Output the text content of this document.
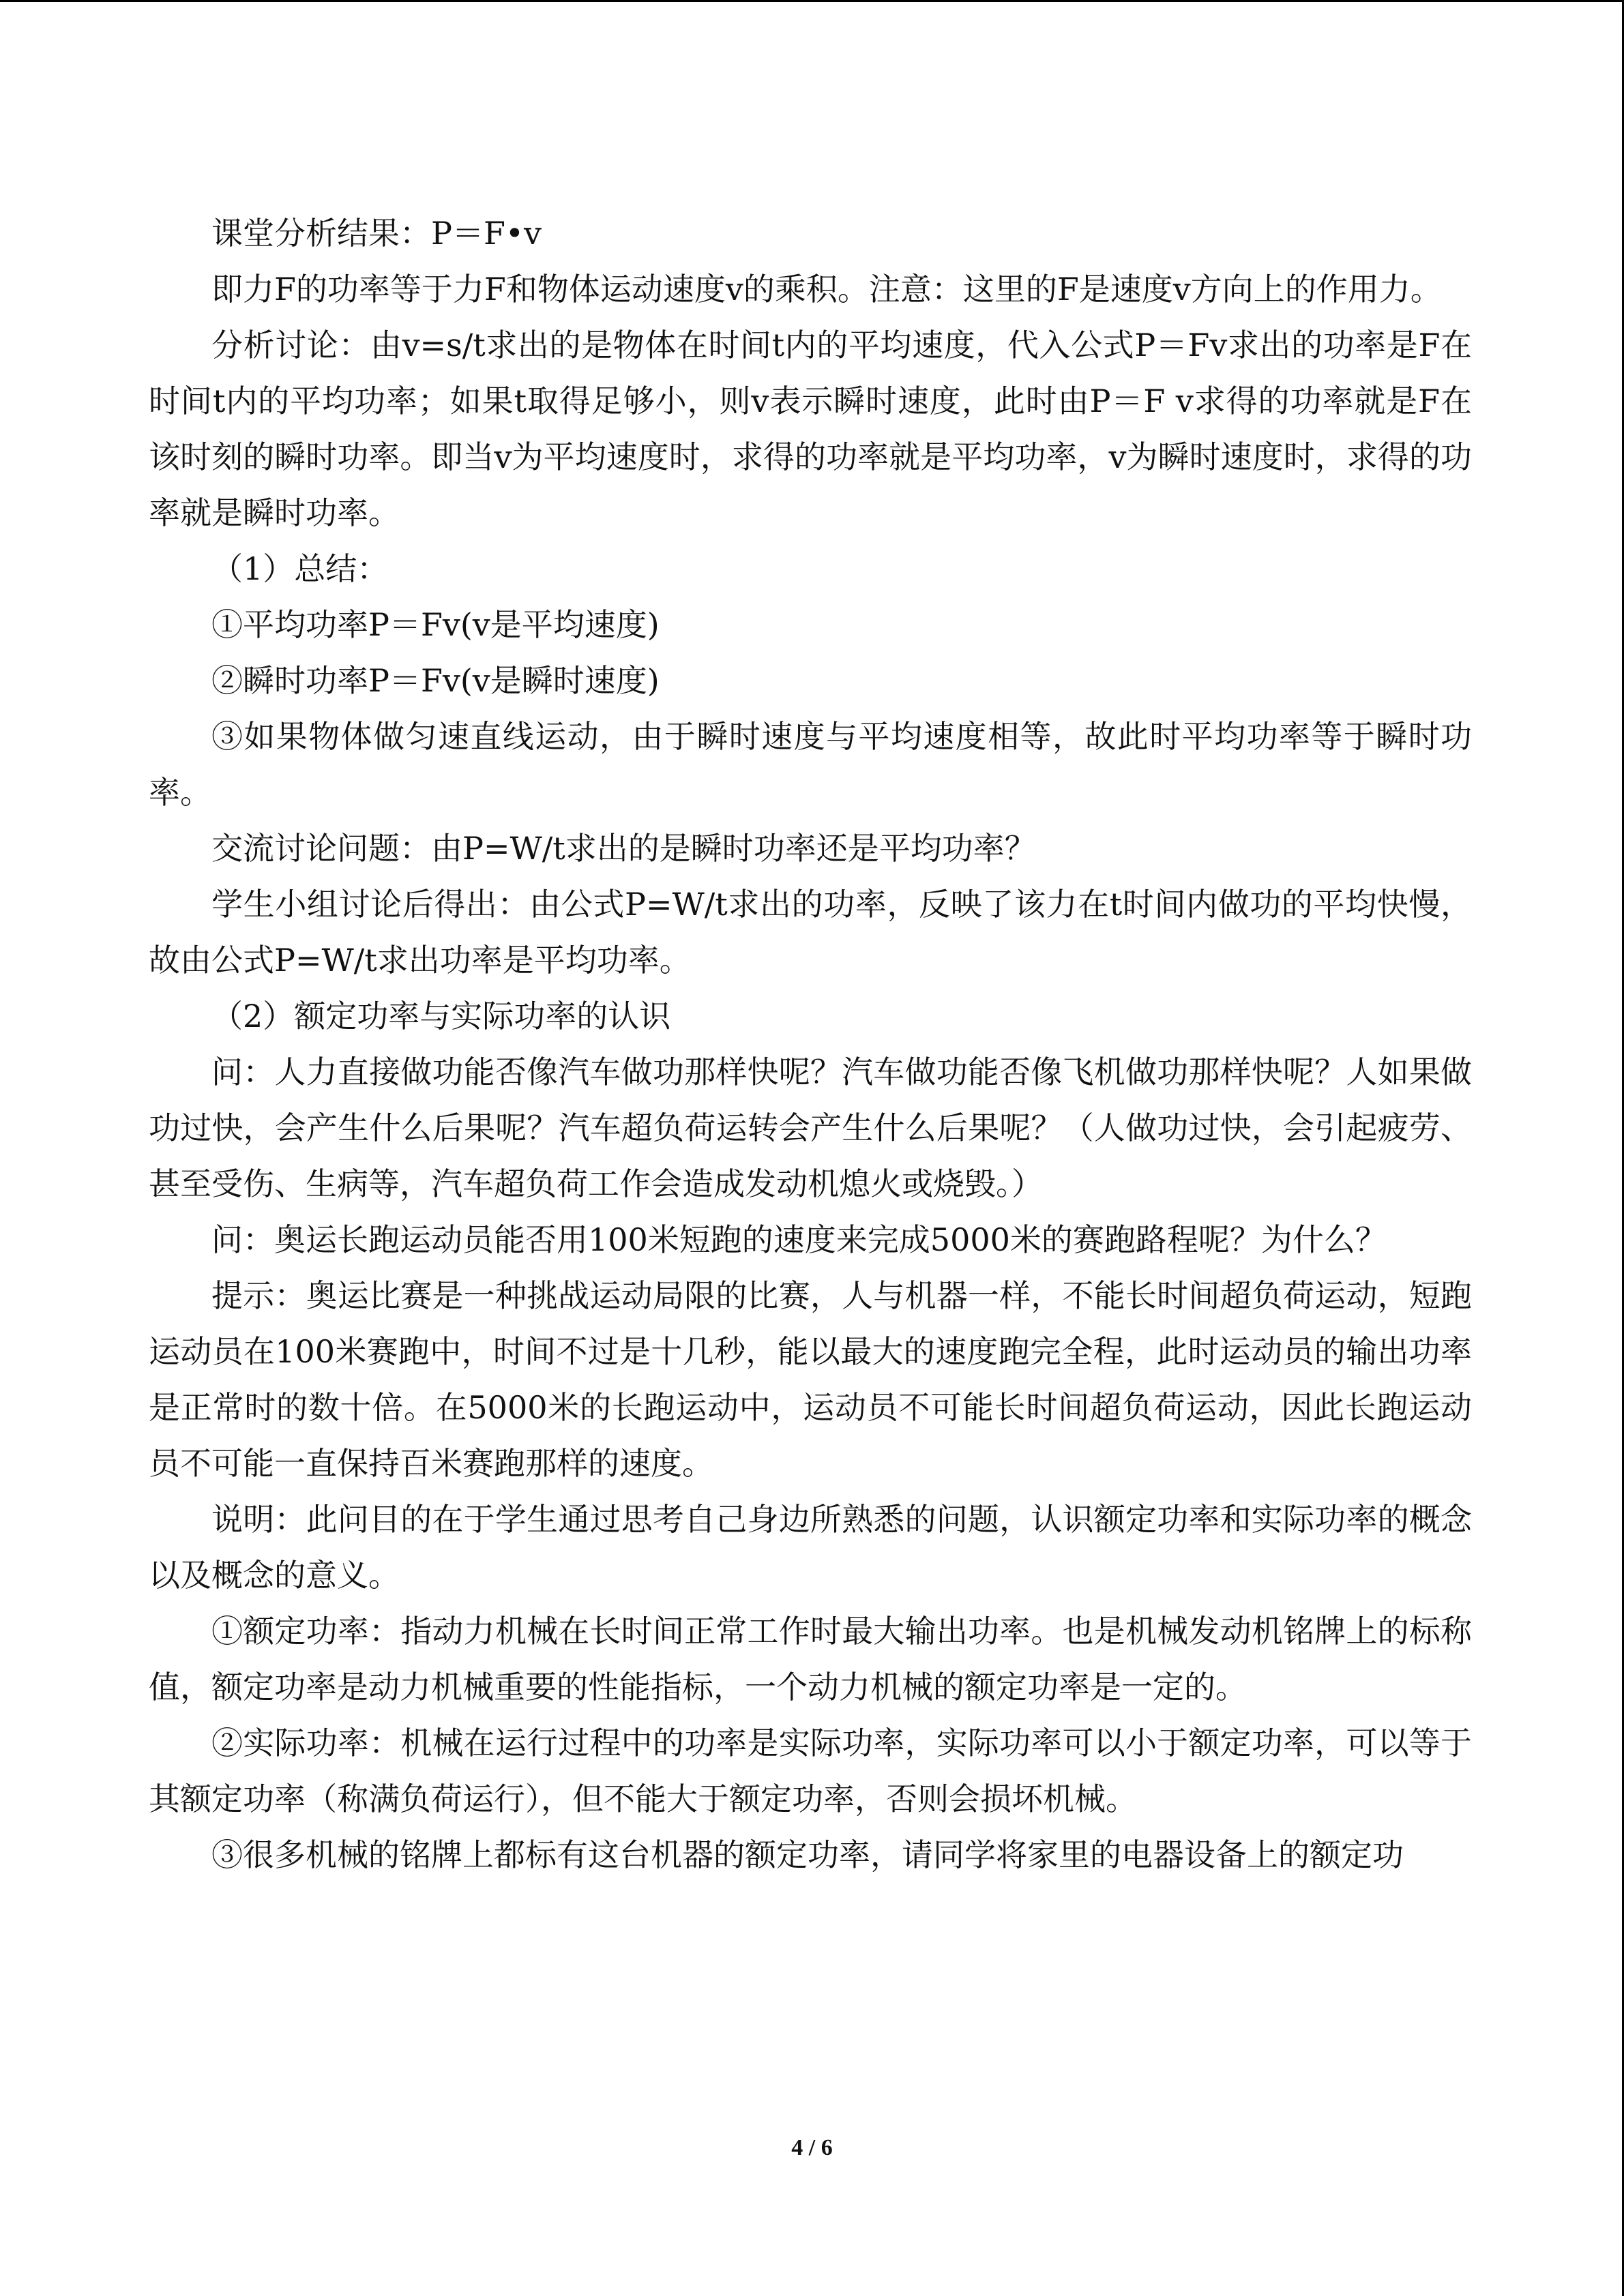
课堂分析结果：P＝F•v

即力F的功率等于力F和物体运动速度v的乘积。注意：这里的F是速度v方向上的作用力。

分析讨论：由v=s/t求出的是物体在时间t内的平均速度，代入公式P＝Fv求出的功率是F在时间t内的平均功率；如果t取得足够小，则v表示瞬时速度，此时由P＝F v求得的功率就是F在该时刻的瞬时功率。即当v为平均速度时，求得的功率就是平均功率，v为瞬时速度时，求得的功率就是瞬时功率。

（1）总结：

①平均功率P＝Fv(v是平均速度)

②瞬时功率P＝Fv(v是瞬时速度)

③如果物体做匀速直线运动，由于瞬时速度与平均速度相等，故此时平均功率等于瞬时功率。

交流讨论问题：由P=W/t求出的是瞬时功率还是平均功率？

学生小组讨论后得出：由公式P=W/t求出的功率，反映了该力在t时间内做功的平均快慢，故由公式P=W/t求出功率是平均功率。

（2）额定功率与实际功率的认识

问：人力直接做功能否像汽车做功那样快呢？汽车做功能否像飞机做功那样快呢？人如果做功过快，会产生什么后果呢？汽车超负荷运转会产生什么后果呢？（人做功过快，会引起疲劳、甚至受伤、生病等，汽车超负荷工作会造成发动机熄火或烧毁。）

问：奥运长跑运动员能否用100米短跑的速度来完成5000米的赛跑路程呢？为什么？

提示：奥运比赛是一种挑战运动局限的比赛，人与机器一样，不能长时间超负荷运动，短跑运动员在100米赛跑中，时间不过是十几秒，能以最大的速度跑完全程，此时运动员的输出功率是正常时的数十倍。在5000米的长跑运动中，运动员不可能长时间超负荷运动，因此长跑运动员不可能一直保持百米赛跑那样的速度。

说明：此问目的在于学生通过思考自己身边所熟悉的问题，认识额定功率和实际功率的概念以及概念的意义。

①额定功率：指动力机械在长时间正常工作时最大输出功率。也是机械发动机铭牌上的标称值，额定功率是动力机械重要的性能指标，一个动力机械的额定功率是一定的。

②实际功率：机械在运行过程中的功率是实际功率，实际功率可以小于额定功率，可以等于其额定功率（称满负荷运行），但不能大于额定功率，否则会损坏机械。

③很多机械的铭牌上都标有这台机器的额定功率，请同学将家里的电器设备上的额定功

4 / 6
